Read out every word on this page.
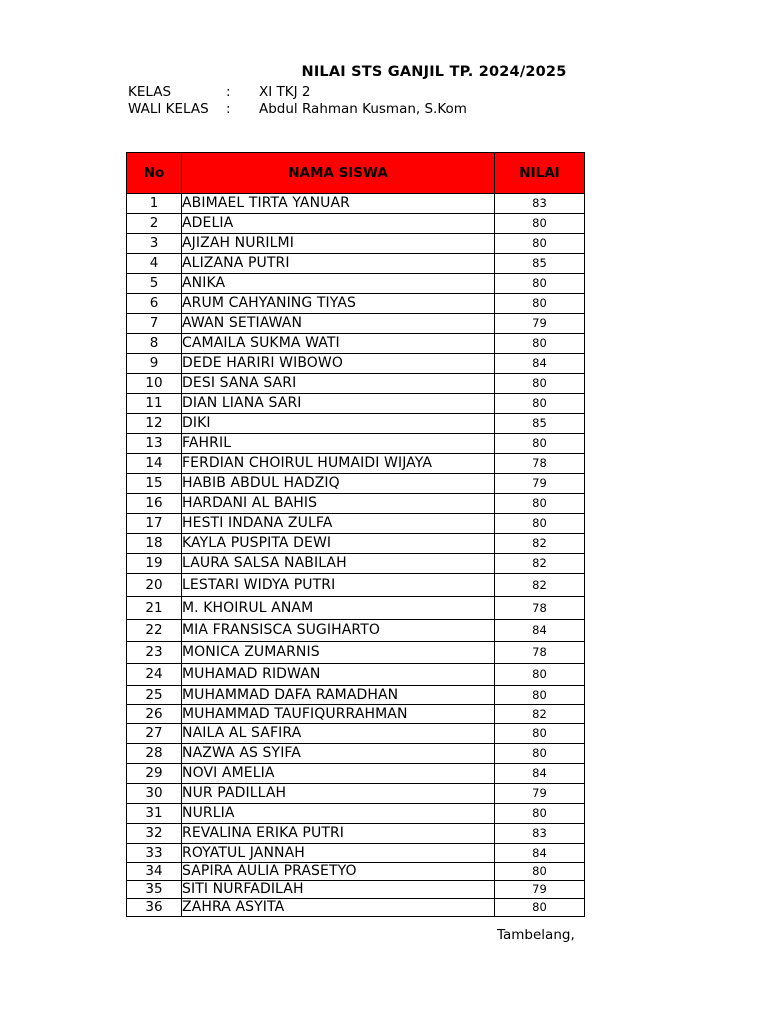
NILAI STS GANJIL TP. 2024/2025
KELAS	: XI TKJ 2
WALI KELAS	: Abdul Rahman Kusman, S.Kom
No	NAMA SISWA	NILAI
1	ABIMAEL TIRTA YANUAR	83
2	ADELIA	80
3	AJIZAH NURILMI	80
4	ALIZANA PUTRI	85
5	ANIKA	80
6	ARUM CAHYANING TIYAS	80
7	AWAN SETIAWAN	79
8	CAMAILA SUKMA WATI	80
9	DEDE HARIRI WIBOWO	84
10	DESI SANA SARI	80
11	DIAN LIANA SARI	80
12	DIKI	85
13	FAHRIL	80
14	FERDIAN CHOIRUL HUMAIDI WIJAYA	78
15	HABIB ABDUL HADZIQ	79
16	HARDANI AL BAHIS	80
17	HESTI INDANA ZULFA	80
18	KAYLA PUSPITA DEWI	82
19	LAURA SALSA NABILAH	82
20	LESTARI WIDYA PUTRI	82
21	M. KHOIRUL ANAM	78
22	MIA FRANSISCA SUGIHARTO	84
23	MONICA ZUMARNIS	78
24	MUHAMAD RIDWAN	80
25	MUHAMMAD DAFA RAMADHAN	80
26	MUHAMMAD TAUFIQURRAHMAN	82
27	NAILA AL SAFIRA	80
28	NAZWA AS SYIFA	80
29	NOVI AMELIA	84
30	NUR PADILLAH	79
31	NURLIA	80
32	REVALINA ERIKA PUTRI	83
33	ROYATUL JANNAH	84
34	SAPIRA AULIA PRASETYO	80
35	SITI NURFADILAH	79
36	ZAHRA ASYITA	80
Tambelang,
